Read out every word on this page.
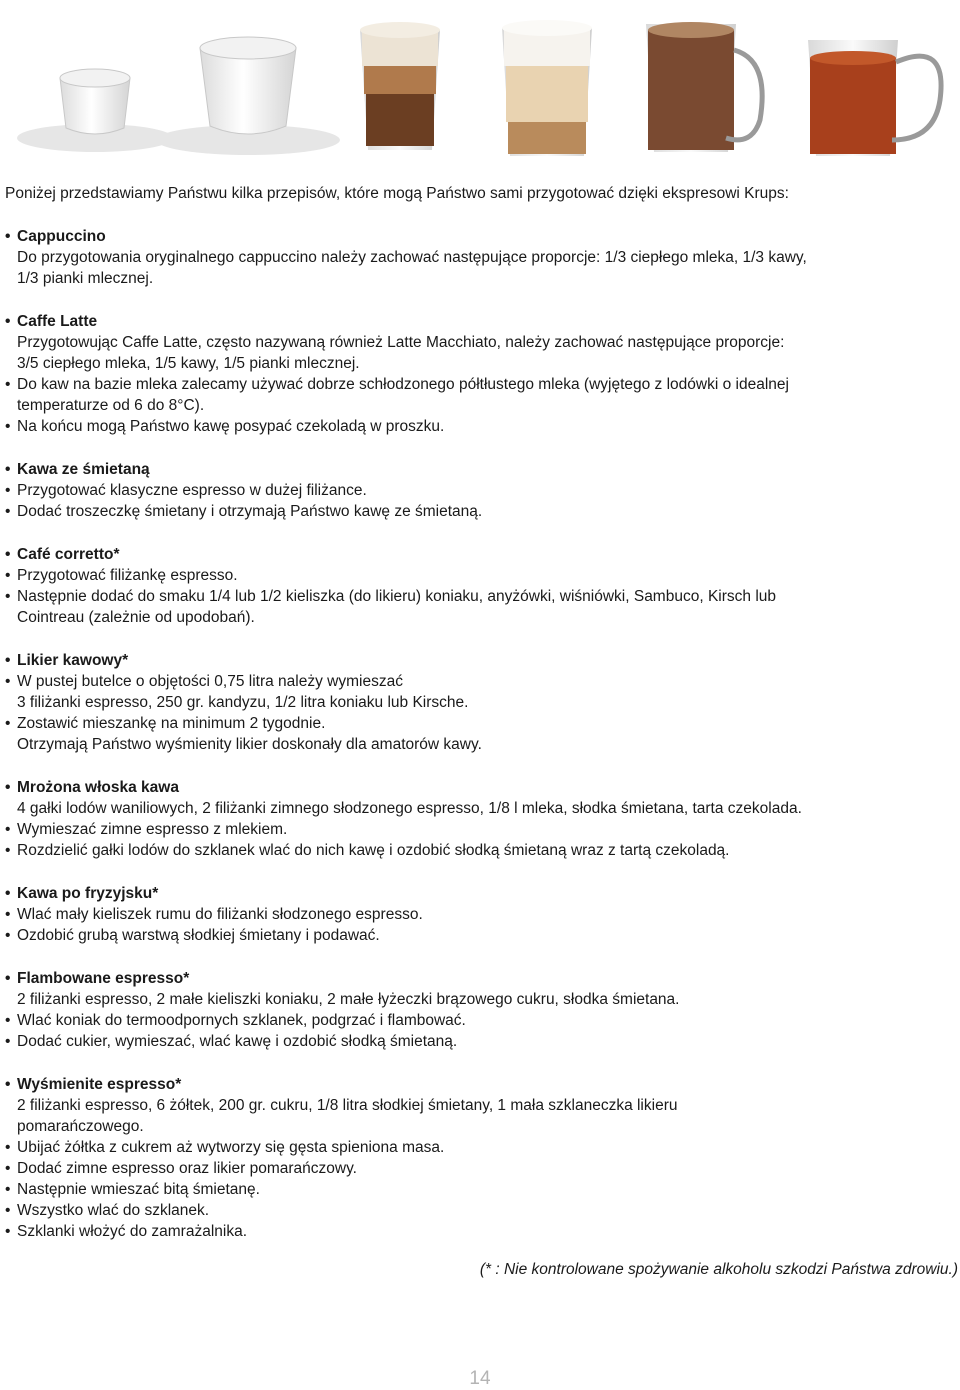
Poniżej przedstawiamy Państwu kilka przepisów, które mogą Państwo sami przygotować dzięki ekspresowi Krups:

• Cappuccino
Do przygotowania oryginalnego cappuccino należy zachować następujące proporcje: 1/3 ciepłego mleka, 1/3 kawy,
1/3 pianki mlecznej.
• Caffe Latte
Przygotowując Caffe Latte, często nazywaną również Latte Macchiato, należy zachować następujące proporcje:
3/5 ciepłego mleka, 1/5 kawy, 1/5 pianki mlecznej.
• Do kaw na bazie mleka zalecamy używać dobrze schłodzonego półtłustego mleka (wyjętego z lodówki o idealnej
temperaturze od 6 do 8°C).
• Na końcu mogą Państwo kawę posypać czekoladą w proszku.
• Kawa ze śmietaną
• Przygotować klasyczne espresso w dużej filiżance.
• Dodać troszeczkę śmietany i otrzymają Państwo kawę ze śmietaną.
• Café corretto*
• Przygotować filiżankę espresso.
• Następnie dodać do smaku 1/4 lub 1/2 kieliszka (do likieru) koniaku, anyżówki, wiśniówki, Sambuco, Kirsch lub
Cointreau (zależnie od upodobań).
• Likier kawowy*
• W pustej butelce o objętości 0,75 litra należy wymieszać
3 filiżanki espresso, 250 gr. kandyzu, 1/2 litra koniaku lub Kirsche.
• Zostawić mieszankę na minimum 2 tygodnie.
Otrzymają Państwo wyśmienity likier doskonały dla amatorów kawy.
• Mrożona włoska kawa
4 gałki lodów waniliowych, 2 filiżanki zimnego słodzonego espresso, 1/8 l mleka, słodka śmietana, tarta czekolada.
• Wymieszać zimne espresso z mlekiem.
• Rozdzielić gałki lodów do szklanek wlać do nich kawę i ozdobić słodką śmietaną wraz z tartą czekoladą.
• Kawa po fryzyjsku*
• Wlać mały kieliszek rumu do filiżanki słodzonego espresso.
• Ozdobić grubą warstwą słodkiej śmietany i podawać.
• Flambowane espresso*
2 filiżanki espresso, 2 małe kieliszki koniaku, 2 małe łyżeczki brązowego cukru, słodka śmietana.
• Wlać koniak do termoodpornych szklanek, podgrzać i flambować.
• Dodać cukier, wymieszać, wlać kawę i ozdobić słodką śmietaną.
• Wyśmienite espresso*
2 filiżanki espresso, 6 żółtek, 200 gr. cukru, 1/8 litra słodkiej śmietany, 1 mała szklaneczka likieru
pomarańczowego.
• Ubijać żółtka z cukrem aż wytworzy się gęsta spieniona masa.
• Dodać zimne espresso oraz likier pomarańczowy.
• Następnie wmieszać bitą śmietanę.
• Wszystko wlać do szklanek.
• Szklanki włożyć do zamrażalnika.
(* : Nie kontrolowane spożywanie alkoholu szkodzi Państwa zdrowiu.)
14
